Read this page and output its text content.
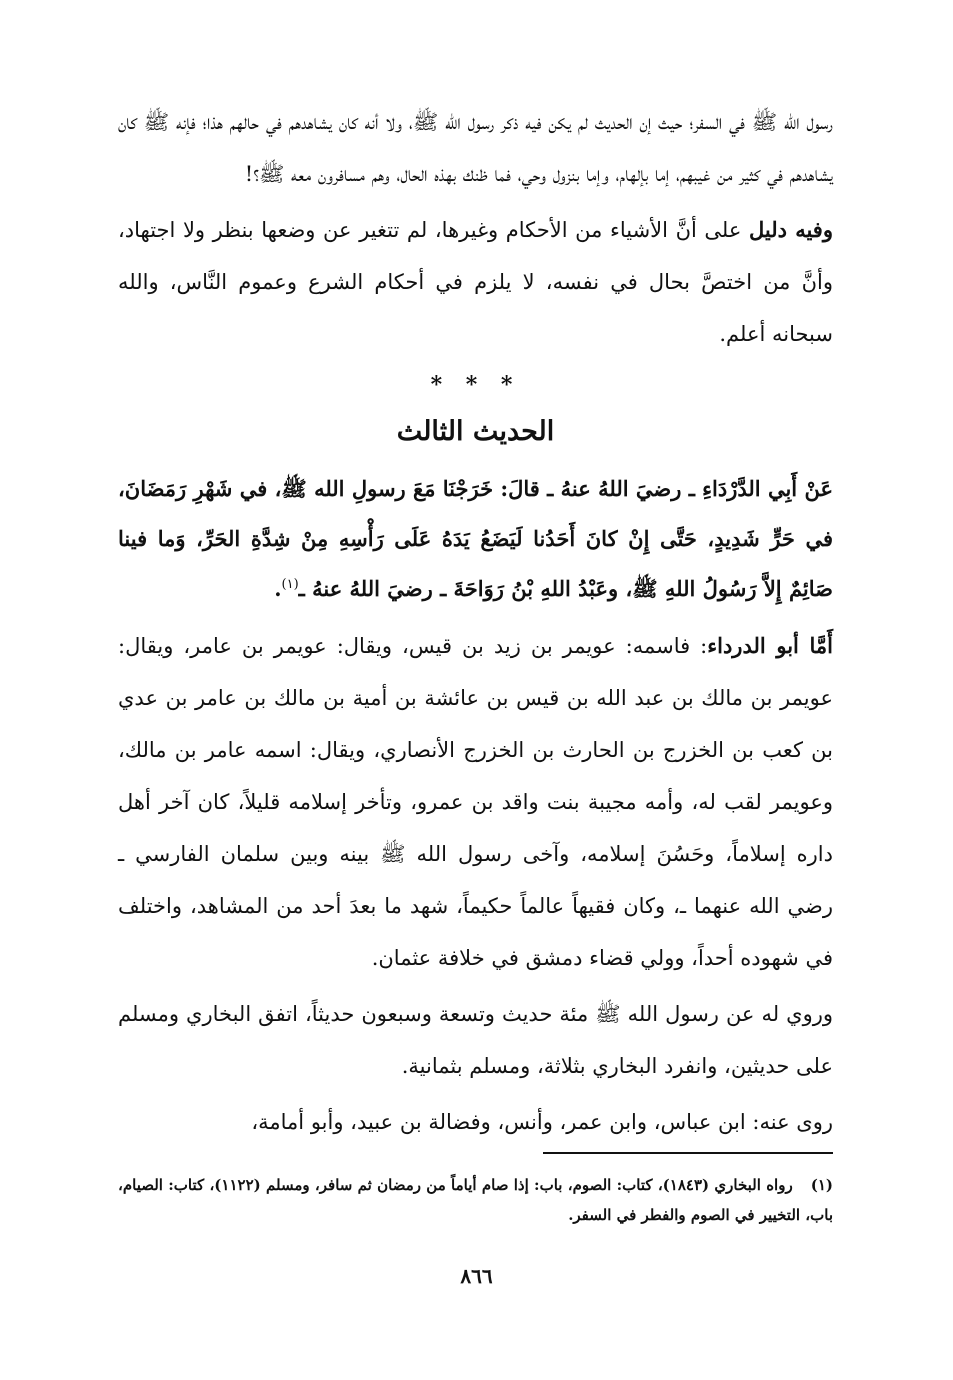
رسول الله ﷺ في السفر؛ حيث إن الحديث لم يكن فيه ذكر رسول الله ﷺ، ولا أنه كان يشاهدهم في حالهم هذا؛ فإنه ﷺ كان يشاهدهم في كثير من غيبهم، إما بإلهام، وإما بنزول وحي، فما ظنك بهذه الحال، وهم مسافرون معه ﷺ؟!

وفيه دليل على أنَّ الأشياء من الأحكام وغيرها، لم تتغير عن وضعها بنظر ولا اجتهاد، وأنَّ من اختصَّ بحال في نفسه، لا يلزم في أحكام الشرع وعموم النَّاس، والله سبحانه أعلم.

* * *
الحديث الثالث

عَنْ أَبِي الدَّرْدَاءِ ـ رضيَ اللهُ عنهُ ـ قالَ: خَرَجْنَا مَعَ رسولِ الله ﷺ، في شَهْرِ رَمَضَانَ، في حَرٍّ شَدِيدٍ، حَتَّى إِنْ كانَ أَحَدُنا لَيَضَعُ يَدَهُ عَلَى رَأْسِهِ مِنْ شِدَّةِ الحَرِّ، وَما فينا صَائِمٌ إِلاَّ رَسُولُ اللهِ ﷺ، وعَبْدُ اللهِ بْنُ رَوَاحَةَ ـ رضيَ اللهُ عنهُ ـ$^{(١)}$.

أَمَّا أبو الدرداء: فاسمه: عويمر بن زيد بن قيس، ويقال: عويمر بن عامر، ويقال: عويمر بن مالك بن عبد الله بن قيس بن عائشة بن أمية بن مالك بن عامر بن عدي بن كعب بن الخزرج بن الحارث بن الخزرج الأنصاري، ويقال: اسمه عامر بن مالك، وعويمر لقب له، وأمه مجيبة بنت واقد بن عمرو، وتأخر إسلامه قليلاً، كان آخر أهل داره إسلاماً، وحَسُنَ إسلامه، وآخى رسول الله ﷺ بينه وبين سلمان الفارسي ـ رضي الله عنهما ـ، وكان فقيهاً عالماً حكيماً، شهد ما بعدَ أحد من المشاهد، واختلف في شهوده أحداً، وولي قضاء دمشق في خلافة عثمان.

وروي له عن رسول الله ﷺ مئة حديث وتسعة وسبعون حديثاً، اتفق البخاري ومسلم على حديثين، وانفرد البخاري بثلاثة، ومسلم بثمانية.

روى عنه: ابن عباس، وابن عمر، وأنس، وفضالة بن عبيد، وأبو أمامة،

(١)رواه البخاري (١٨٤٣)، كتاب: الصوم، باب: إذا صام أياماً من رمضان ثم سافر، ومسلم (١١٢٢)، كتاب: الصيام، باب، التخيير في الصوم والفطر في السفر.
٨٦٦
